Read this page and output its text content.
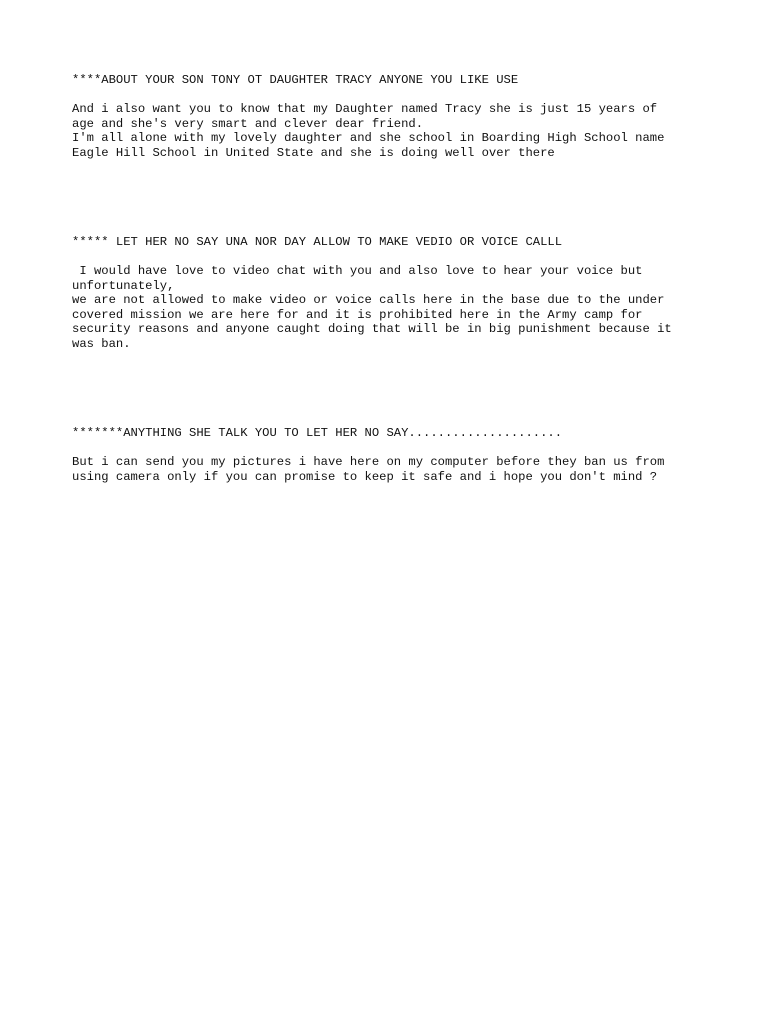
****ABOUT YOUR SON TONY OT DAUGHTER TRACY ANYONE YOU LIKE USE

And i also want you to know that my Daughter named Tracy she is just 15 years of
age and she's very smart and clever dear friend.
I'm all alone with my lovely daughter and she school in Boarding High School name
Eagle Hill School in United State and she is doing well over there

***** LET HER NO SAY UNA NOR DAY ALLOW TO MAKE VEDIO OR VOICE CALLL

I would have love to video chat with you and also love to hear your voice but
unfortunately,
we are not allowed to make video or voice calls here in the base due to the under
covered mission we are here for and it is prohibited here in the Army camp for
security reasons and anyone caught doing that will be in big punishment because it
was ban.

*******ANYTHING SHE TALK YOU TO LET HER NO SAY.....................

But i can send you my pictures i have here on my computer before they ban us from
using camera only if you can promise to keep it safe and i hope you don't mind ?
